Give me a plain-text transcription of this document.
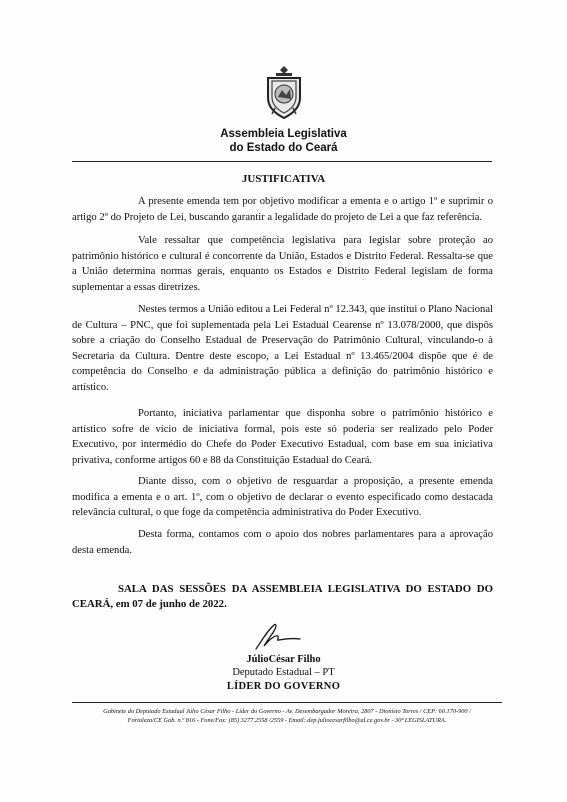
Assembleia Legislativa
do Estado do Ceará
JUSTIFICATIVA

A presente emenda tem por objetivo modificar a ementa e o artigo 1º e suprimir o artigo 2º do Projeto de Lei, buscando garantir a legalidade do projeto de Lei a que faz referência.

Vale ressaltar que competência legislativa para legislar sobre proteção ao patrimônio histórico e cultural é concorrente da União, Estados e Distrito Federal. Ressalta-se que a União determina normas gerais, enquanto os Estados e Distrito Federal legislam de forma suplementar a essas diretrizes.

Nestes termos a União editou a Lei Federal nº 12.343, que institui o Plano Nacional de Cultura – PNC, que foi suplementada pela Lei Estadual Cearense nº 13.078/2000, que dispôs sobre a criação do Conselho Estadual de Preservação do Patrimônio Cultural, vinculando-o à Secretaria da Cultura. Dentre deste escopo, a Lei Estadual nº 13.465/2004 dispõe que é de competência do Conselho e da administração pública a definição do patrimônio histórico e artístico.

Portanto, iniciativa parlamentar que disponha sobre o patrimônio histórico e artístico sofre de vício de iniciativa formal, pois este só poderia ser realizado pelo Poder Executivo, por intermédio do Chefe do Poder Executivo Estadual, com base em sua iniciativa privativa, conforme artigos 60 e 88 da Constituição Estadual do Ceará.

Diante disso, com o objetivo de resguardar a proposição, a presente emenda modifica a ementa e o art. 1º, com o objetivo de declarar o evento especificado como destacada relevância cultural, o que foge da competência administrativa do Poder Executivo.

Desta forma, contamos com o apoio dos nobres parlamentares para a aprovação desta emenda.

SALA DAS SESSÕES DA ASSEMBLEIA LEGISLATIVA DO ESTADO DO CEARÁ, em 07 de junho de 2022.

JúlioCésar Filho
Deputado Estadual – PT
LÍDER DO GOVERNO
Gabinete do Deputado Estadual Júlio César Filho - Líder do Governo - Av. Desembargador Moreira, 2807 - Dionísio Torres / CEP: 60.170-900 /
Fortaleza/CE Gab. n.º 816 - Fone/Fax: (85) 3277.2558 /2559 - Email: dep.juliocesarfilho@al.ce.gov.br - 30ª LEGISLATURA.
